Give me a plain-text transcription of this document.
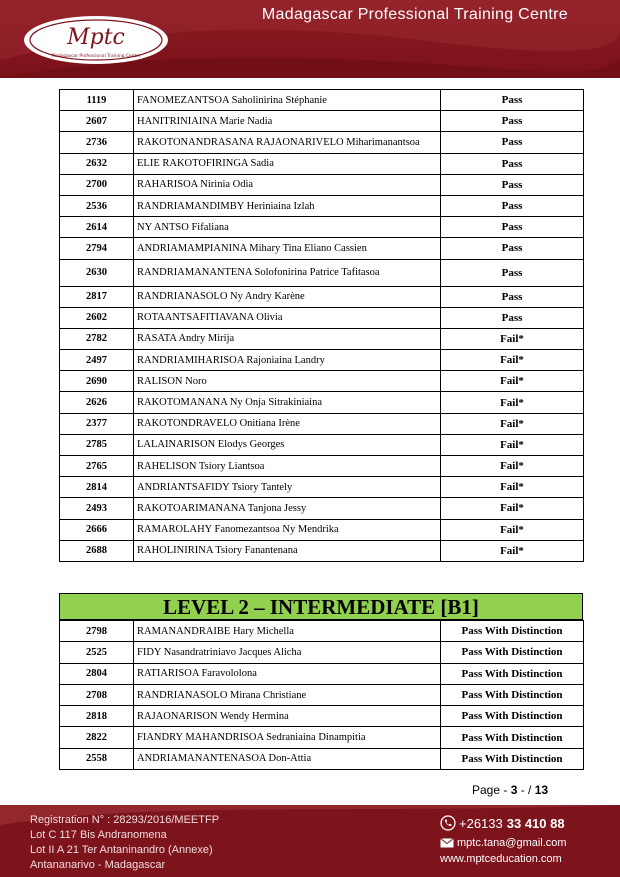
Madagascar Professional Training Centre
Mptc
Madagascar Professional Training Centre
1119	FANOMEZANTSOA Saholinirina Stéphanie	Pass
2607	HANITRINIAINA Marie Nadia	Pass
2736	RAKOTONANDRASANA RAJAONARIVELO Miharimanantsoa	Pass
2632	ELIE RAKOTOFIRINGA Sadia	Pass
2700	RAHARISOA Nirinia Odia	Pass
2536	RANDRIAMANDIMBY Heriniaina Izlah	Pass
2614	NY ANTSO Fifaliana	Pass
2794	ANDRIAMAMPIANINA Mihary Tina Eliano Cassien	Pass
2630	RANDRIAMANANTENA Solofonirina Patrice Tafitasoa	Pass
2817	RANDRIANASOLO Ny Andry Karène	Pass
2602	ROTAANTSAFITIAVANA Olivia	Pass
2782	RASATA Andry Mirija	Fail*
2497	RANDRIAMIHARISOA Rajoniaina Landry	Fail*
2690	RALISON Noro	Fail*
2626	RAKOTOMANANA Ny Onja Sitrakiniaina	Fail*
2377	RAKOTONDRAVELO Onitiana Irène	Fail*
2785	LALAINARISON Elodys Georges	Fail*
2765	RAHELISON Tsiory Liantsoa	Fail*
2814	ANDRIANTSAFIDY Tsiory Tantely	Fail*
2493	RAKOTOARIMANANA Tanjona Jessy	Fail*
2666	RAMAROLAHY Fanomezantsoa Ny Mendrika	Fail*
2688	RAHOLINIRINA Tsiory Fanantenana	Fail*
LEVEL 2 – INTERMEDIATE [B1]
2798	RAMANANDRAIBE Hary Michella	Pass With Distinction
2525	FIDY Nasandratriniavo Jacques Alicha	Pass With Distinction
2804	RATIARISOA Faravololona	Pass With Distinction
2708	RANDRIANASOLO Mirana Christiane	Pass With Distinction
2818	RAJAONARISON Wendy Hermina	Pass With Distinction
2822	FIANDRY MAHANDRISOA Sedraniaina Dinampitia	Pass With Distinction
2558	ANDRIAMANANTENASOA Don-Attia	Pass With Distinction
Page - 3 - / 13
Registration N° : 28293/2016/MEETFP
Lot C 117 Bis Andranomena
Lot II A 21 Ter Antaninandro (Annexe)
Antananarivo - Madagascar
+26133 33 410 88
mptc.tana@gmail.com
www.mptceducation.com
